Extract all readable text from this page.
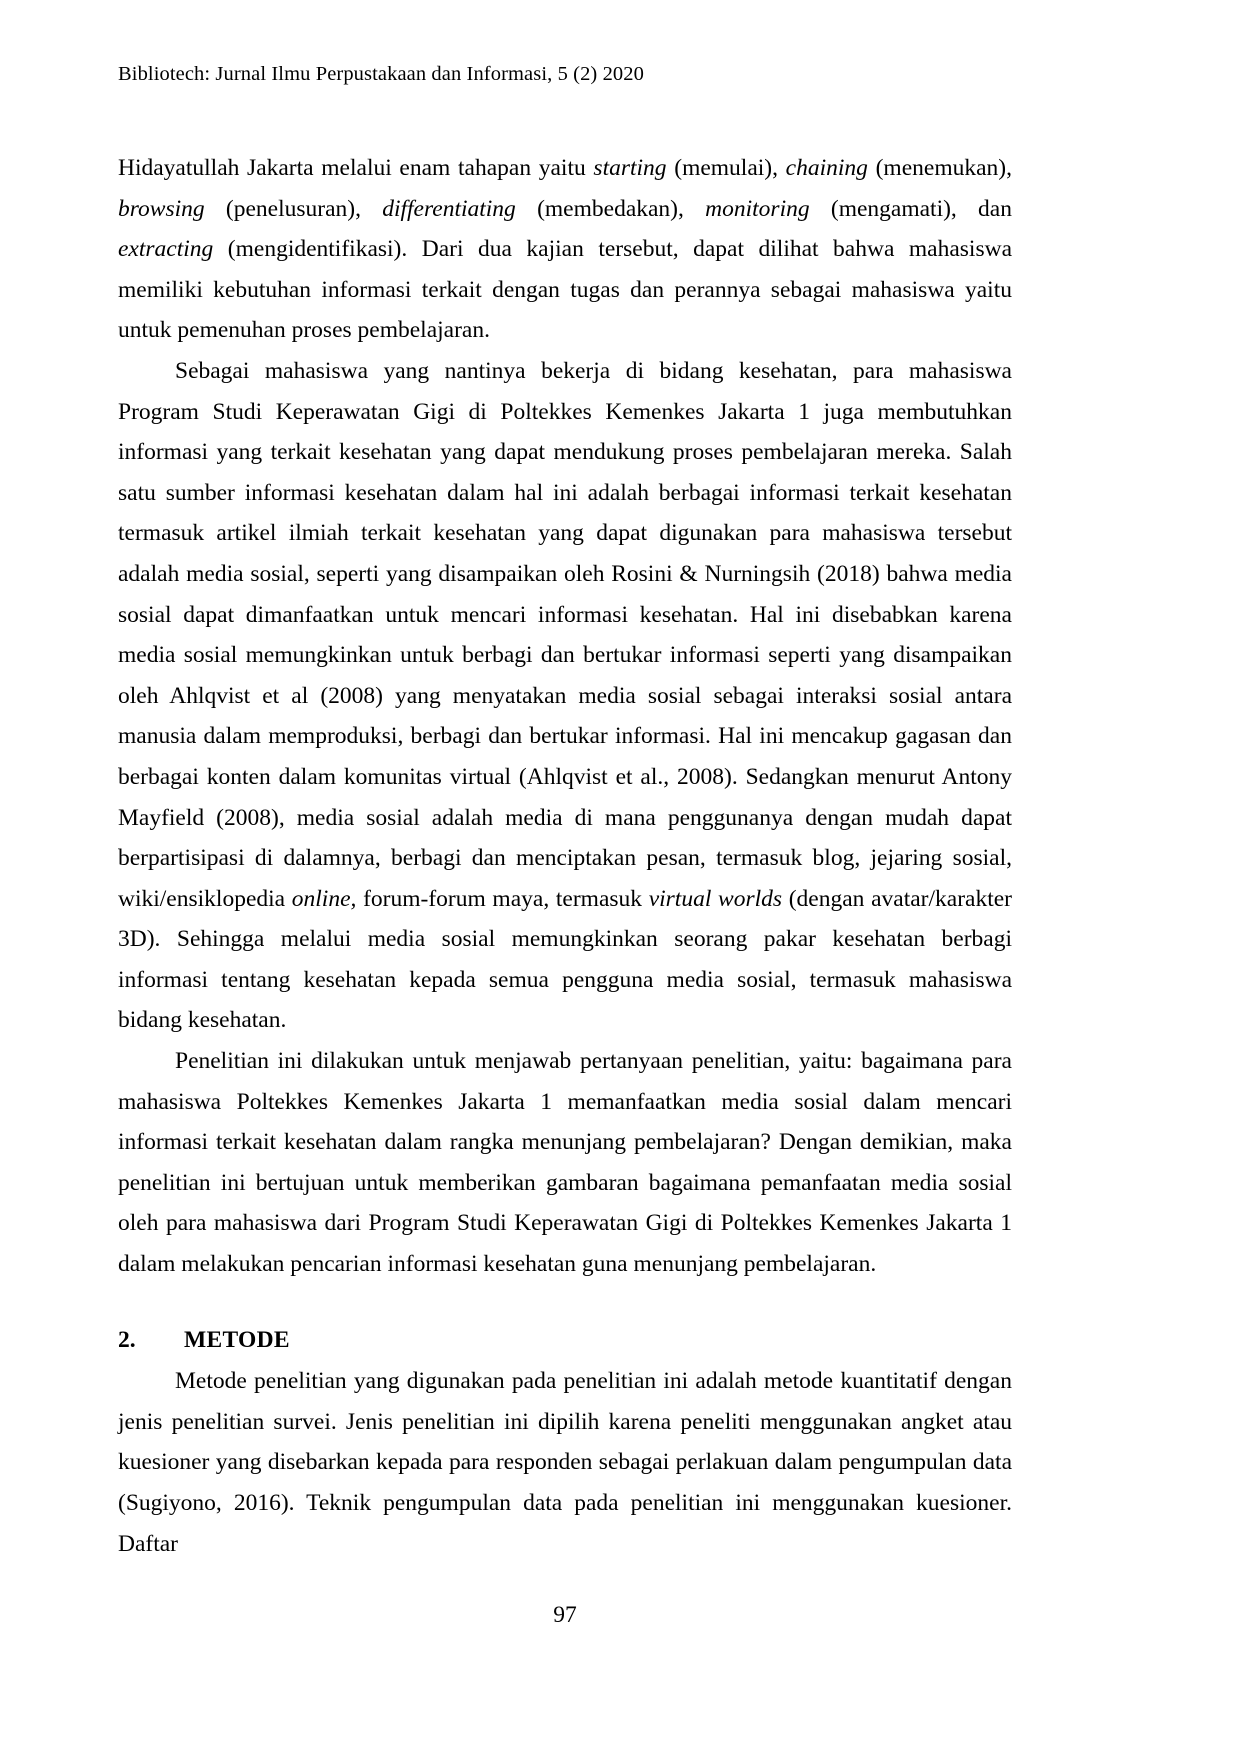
Bibliotech: Jurnal Ilmu Perpustakaan dan Informasi, 5 (2) 2020

Hidayatullah Jakarta melalui enam tahapan yaitu starting (memulai), chaining (menemukan), browsing (penelusuran), differentiating (membedakan), monitoring (mengamati), dan extracting (mengidentifikasi). Dari dua kajian tersebut, dapat dilihat bahwa mahasiswa memiliki kebutuhan informasi terkait dengan tugas dan perannya sebagai mahasiswa yaitu untuk pemenuhan proses pembelajaran.

Sebagai mahasiswa yang nantinya bekerja di bidang kesehatan, para mahasiswa Program Studi Keperawatan Gigi di Poltekkes Kemenkes Jakarta 1 juga membutuhkan informasi yang terkait kesehatan yang dapat mendukung proses pembelajaran mereka. Salah satu sumber informasi kesehatan dalam hal ini adalah berbagai informasi terkait kesehatan termasuk artikel ilmiah terkait kesehatan yang dapat digunakan para mahasiswa tersebut adalah media sosial, seperti yang disampaikan oleh Rosini & Nurningsih (2018) bahwa media sosial dapat dimanfaatkan untuk mencari informasi kesehatan. Hal ini disebabkan karena media sosial memungkinkan untuk berbagi dan bertukar informasi seperti yang disampaikan oleh Ahlqvist et al (2008) yang menyatakan media sosial sebagai interaksi sosial antara manusia dalam memproduksi, berbagi dan bertukar informasi. Hal ini mencakup gagasan dan berbagai konten dalam komunitas virtual (Ahlqvist et al., 2008). Sedangkan menurut Antony Mayfield (2008), media sosial adalah media di mana penggunanya dengan mudah dapat berpartisipasi di dalamnya, berbagi dan menciptakan pesan, termasuk blog, jejaring sosial, wiki/ensiklopedia online, forum-forum maya, termasuk virtual worlds (dengan avatar/karakter 3D). Sehingga melalui media sosial memungkinkan seorang pakar kesehatan berbagi informasi tentang kesehatan kepada semua pengguna media sosial, termasuk mahasiswa bidang kesehatan.

Penelitian ini dilakukan untuk menjawab pertanyaan penelitian, yaitu: bagaimana para mahasiswa Poltekkes Kemenkes Jakarta 1 memanfaatkan media sosial dalam mencari informasi terkait kesehatan dalam rangka menunjang pembelajaran? Dengan demikian, maka penelitian ini bertujuan untuk memberikan gambaran bagaimana pemanfaatan media sosial oleh para mahasiswa dari Program Studi Keperawatan Gigi di Poltekkes Kemenkes Jakarta 1 dalam melakukan pencarian informasi kesehatan guna menunjang pembelajaran.

2.	METODE

Metode penelitian yang digunakan pada penelitian ini adalah metode kuantitatif dengan jenis penelitian survei. Jenis penelitian ini dipilih karena peneliti menggunakan angket atau kuesioner yang disebarkan kepada para responden sebagai perlakuan dalam pengumpulan data (Sugiyono, 2016). Teknik pengumpulan data pada penelitian ini menggunakan kuesioner. Daftar

97
